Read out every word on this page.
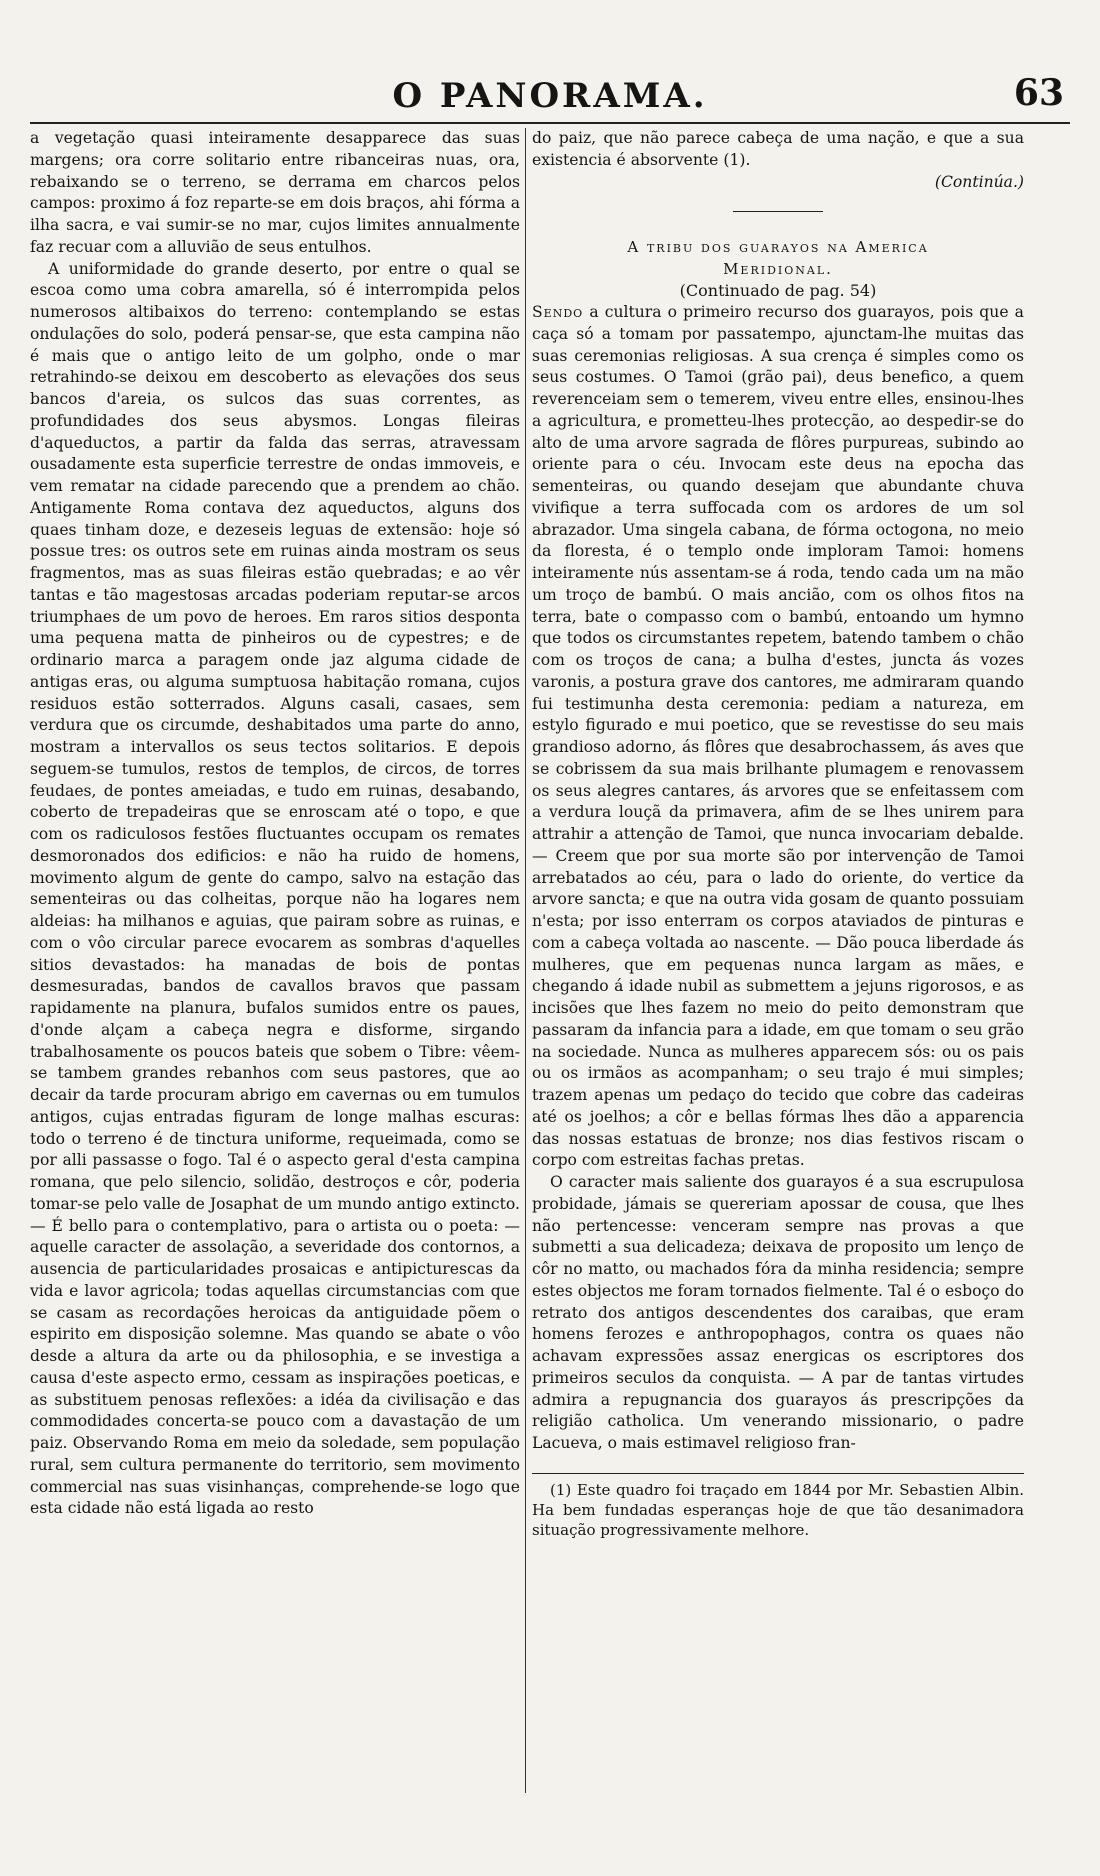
O PANORAMA.	63

a vegetação quasi inteiramente desapparece das suas margens; ora corre solitario entre ribanceiras nuas, ora, rebaixando se o terreno, se derrama em charcos pelos campos: proximo á foz reparte-se em dois braços, ahi fórma a ilha sacra, e vai sumir-se no mar, cujos limites annualmente faz recuar com a alluvião de seus entulhos.

A uniformidade do grande deserto, por entre o qual se escoa como uma cobra amarella, só é interrompida pelos numerosos altibaixos do terreno: contemplando se estas ondulações do solo, poderá pensar-se, que esta campina não é mais que o antigo leito de um golpho, onde o mar retrahindo-se deixou em descoberto as elevações dos seus bancos d'areia, os sulcos das suas correntes, as profundidades dos seus abysmos. Longas fileiras d'aqueductos, a partir da falda das serras, atravessam ousadamente esta superficie terrestre de ondas immoveis, e vem rematar na cidade parecendo que a prendem ao chão. Antigamente Roma contava dez aqueductos, alguns dos quaes tinham doze, e dezeseis leguas de extensão: hoje só possue tres: os outros sete em ruinas ainda mostram os seus fragmentos, mas as suas fileiras estão quebradas; e ao vêr tantas e tão magestosas arcadas poderiam reputar-se arcos triumphaes de um povo de heroes. Em raros sitios desponta uma pequena matta de pinheiros ou de cypestres; e de ordinario marca a paragem onde jaz alguma cidade de antigas eras, ou alguma sumptuosa habitação romana, cujos residuos estão sotterrados. Alguns casali, casaes, sem verdura que os circumde, deshabitados uma parte do anno, mostram a intervallos os seus tectos solitarios. E depois seguem-se tumulos, restos de templos, de circos, de torres feudaes, de pontes ameiadas, e tudo em ruinas, desabando, coberto de trepadeiras que se enroscam até o topo, e que com os radiculosos festões fluctuantes occupam os remates desmoronados dos edificios: e não ha ruido de homens, movimento algum de gente do campo, salvo na estação das sementeiras ou das colheitas, porque não ha logares nem aldeias: ha milhanos e aguias, que pairam sobre as ruinas, e com o vôo circular parece evocarem as sombras d'aquelles sitios devastados: ha manadas de bois de pontas desmesuradas, bandos de cavallos bravos que passam rapidamente na planura, bufalos sumidos entre os paues, d'onde alçam a cabeça negra e disforme, sirgando trabalhosamente os poucos bateis que sobem o Tibre: vêem-se tambem grandes rebanhos com seus pastores, que ao decair da tarde procuram abrigo em cavernas ou em tumulos antigos, cujas entradas figuram de longe malhas escuras: todo o terreno é de tinctura uniforme, requeimada, como se por alli passasse o fogo. Tal é o aspecto geral d'esta campina romana, que pelo silencio, solidão, destroços e côr, poderia tomar-se pelo valle de Josaphat de um mundo antigo extincto. — É bello para o contemplativo, para o artista ou o poeta: — aquelle caracter de assolação, a severidade dos contornos, a ausencia de particularidades prosaicas e antipicturescas da vida e lavor agricola; todas aquellas circumstancias com que se casam as recordações heroicas da antiguidade põem o espirito em disposição solemne. Mas quando se abate o vôo desde a altura da arte ou da philosophia, e se investiga a causa d'este aspecto ermo, cessam as inspirações poeticas, e as substituem penosas reflexões: a idéa da civilisação e das commodidades concerta-se pouco com a davastação de um paiz. Observando Roma em meio da soledade, sem população rural, sem cultura permanente do territorio, sem movimento commercial nas suas visinhanças, comprehende-se logo que esta cidade não está ligada ao resto

do paiz, que não parece cabeça de uma nação, e que a sua existencia é absorvente (1).
(Continúa.)

A tribu dos guarayos na America
Meridional.

(Continuado de pag. 54)

Sendo a cultura o primeiro recurso dos guarayos, pois que a caça só a tomam por passatempo, ajunctam-lhe muitas das suas ceremonias religiosas. A sua crença é simples como os seus costumes. O Tamoi (grão pai), deus benefico, a quem reverenceiam sem o temerem, viveu entre elles, ensinou-lhes a agricultura, e prometteu-lhes protecção, ao despedir-se do alto de uma arvore sagrada de flôres purpureas, subindo ao oriente para o céu. Invocam este deus na epocha das sementeiras, ou quando desejam que abundante chuva vivifique a terra suffocada com os ardores de um sol abrazador. Uma singela cabana, de fórma octogona, no meio da floresta, é o templo onde imploram Tamoi: homens inteiramente nús assentam-se á roda, tendo cada um na mão um troço de bambú. O mais ancião, com os olhos fitos na terra, bate o compasso com o bambú, entoando um hymno que todos os circumstantes repetem, batendo tambem o chão com os troços de cana; a bulha d'estes, juncta ás vozes varonis, a postura grave dos cantores, me admiraram quando fui testimunha desta ceremonia: pediam a natureza, em estylo figurado e mui poetico, que se revestisse do seu mais grandioso adorno, ás flôres que desabrochassem, ás aves que se cobrissem da sua mais brilhante plumagem e renovassem os seus alegres cantares, ás arvores que se enfeitassem com a verdura louçã da primavera, afim de se lhes unirem para attrahir a attenção de Tamoi, que nunca invocariam debalde. — Creem que por sua morte são por intervenção de Tamoi arrebatados ao céu, para o lado do oriente, do vertice da arvore sancta; e que na outra vida gosam de quanto possuiam n'esta; por isso enterram os corpos ataviados de pinturas e com a cabeça voltada ao nascente. — Dão pouca liberdade ás mulheres, que em pequenas nunca largam as mães, e chegando á idade nubil as submettem a jejuns rigorosos, e as incisões que lhes fazem no meio do peito demonstram que passaram da infancia para a idade, em que tomam o seu grão na sociedade. Nunca as mulheres apparecem sós: ou os pais ou os irmãos as acompanham; o seu trajo é mui simples; trazem apenas um pedaço do tecido que cobre das cadeiras até os joelhos; a côr e bellas fórmas lhes dão a apparencia das nossas estatuas de bronze; nos dias festivos riscam o corpo com estreitas fachas pretas.

O caracter mais saliente dos guarayos é a sua escrupulosa probidade, jámais se quereriam apossar de cousa, que lhes não pertencesse: venceram sempre nas provas a que submetti a sua delicadeza; deixava de proposito um lenço de côr no matto, ou machados fóra da minha residencia; sempre estes objectos me foram tornados fielmente. Tal é o esboço do retrato dos antigos descendentes dos caraibas, que eram homens ferozes e anthropophagos, contra os quaes não achavam expressões assaz energicas os escriptores dos primeiros seculos da conquista. — A par de tantas virtudes admira a repugnancia dos guarayos ás prescripções da religião catholica. Um venerando missionario, o padre Lacueva, o mais estimavel religioso fran-

(1) Este quadro foi traçado em 1844 por Mr. Sebastien Albin. Ha bem fundadas esperanças hoje de que tão desanimadora situação progressivamente melhore.
